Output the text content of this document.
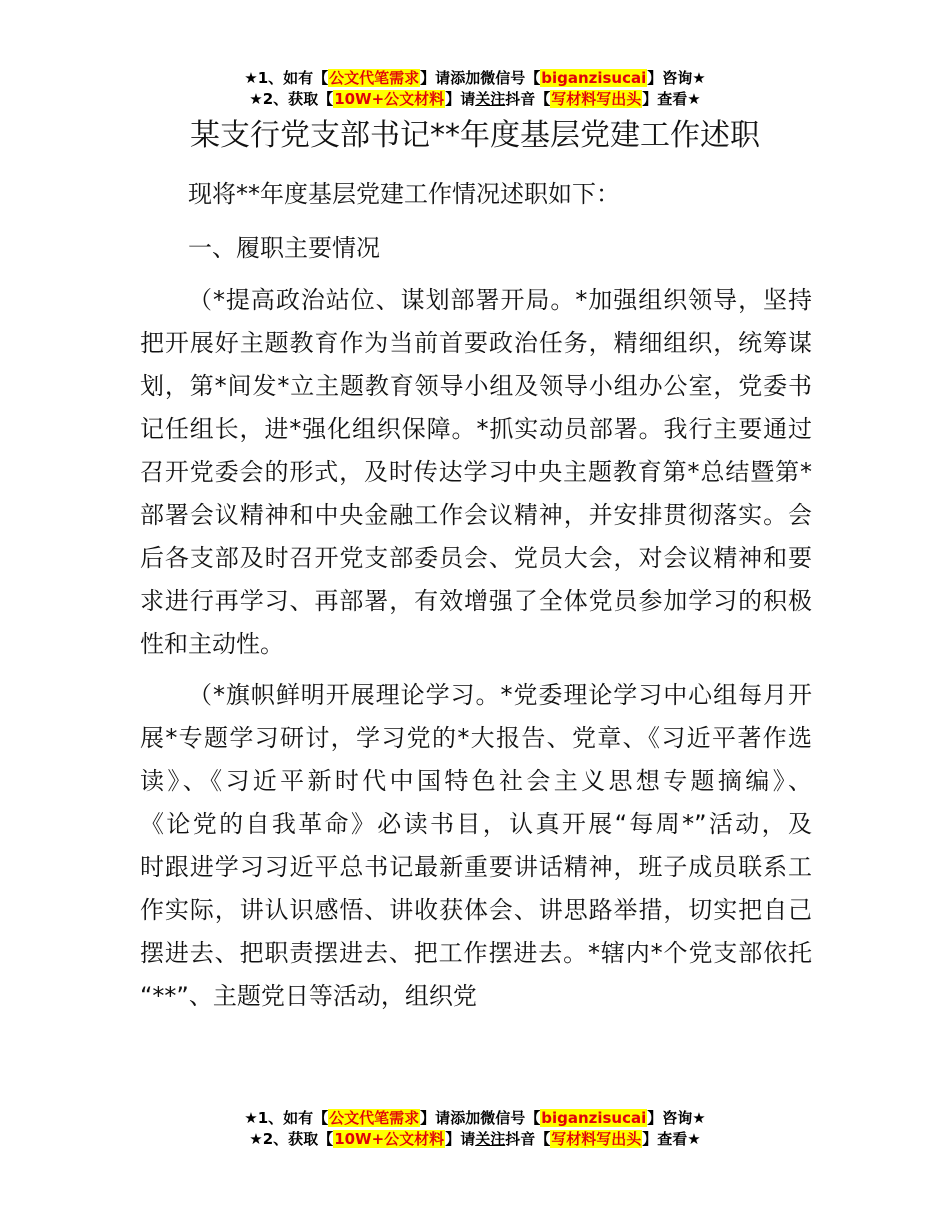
★1、如有【公文代笔需求】请添加微信号【biganzisucai】咨询★
★2、获取【10W+公文材料】请关注抖音【写材料写出头】查看★
某支行党支部书记**年度基层党建工作述职
现将**年度基层党建工作情况述职如下：
一、履职主要情况
（*提高政治站位、谋划部署开局。*加强组织领导，坚持
把开展好主题教育作为当前首要政治任务，精细组织，统筹谋
划，第*间发*立主题教育领导小组及领导小组办公室，党委书
记任组长，进*强化组织保障。*抓实动员部署。我行主要通过
召开党委会的形式，及时传达学习中央主题教育第*总结暨第*
部署会议精神和中央金融工作会议精神，并安排贯彻落实。会
后各支部及时召开党支部委员会、党员大会，对会议精神和要
求进行再学习、再部署，有效增强了全体党员参加学习的积极
性和主动性。
（*旗帜鲜明开展理论学习。*党委理论学习中心组每月开
展*专题学习研讨，学习党的*大报告、党章、《习近平著作选
读》、《习近平新时代中国特色社会主义思想专题摘编》、
《论党的自我革命》必读书目，认真开展“每周*”活动，及
时跟进学习习近平总书记最新重要讲话精神，班子成员联系工
作实际，讲认识感悟、讲收获体会、讲思路举措，切实把自己
摆进去、把职责摆进去、把工作摆进去。*辖内*个党支部依托
“**”、主题党日等活动，组织党
★1、如有【公文代笔需求】请添加微信号【biganzisucai】咨询★
★2、获取【10W+公文材料】请关注抖音【写材料写出头】查看★
